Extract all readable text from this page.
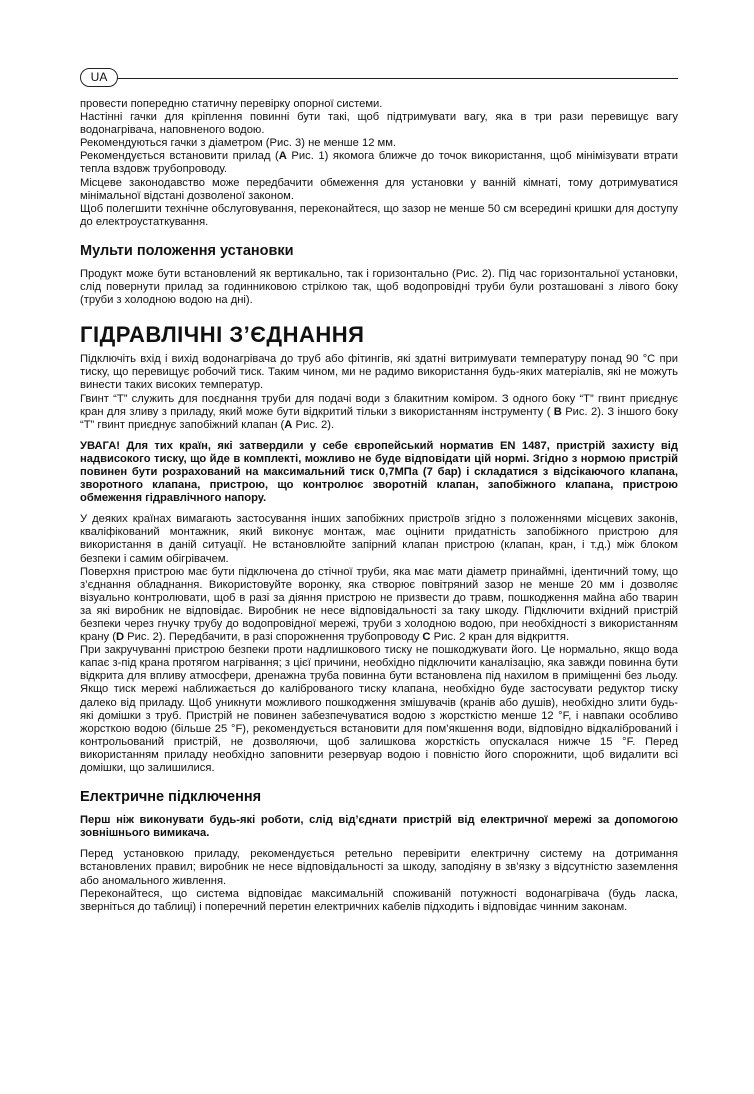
UA

провести попередню статичну перевірку опорної системи.

Настінні гачки для кріплення повинні бути такі, щоб підтримувати вагу, яка в три рази перевищує вагу водонагрівача, наповненого водою.

Рекомендуються гачки з діаметром (Рис. 3) не менше 12 мм.

Рекомендується встановити прилад (A Рис. 1) якомога ближче до точок використання, щоб мінімізувати втрати тепла вздовж трубопроводу.

Місцеве законодавство може передбачити обмеження для установки у ванній кімнаті, тому дотримуватися мінімальної відстані дозволеної законом.

Щоб полегшити технічне обслуговування, переконайтеся, що зазор не менше 50 см всередині кришки для доступу до електроустаткування.

Мульти положення установки

Продукт може бути встановлений як вертикально, так і горизонтально (Рис. 2). Під час горизонтальної установки, слід повернути прилад за годинниковою стрілкою так, щоб водопровідні труби були розташовані з лівого боку (труби з холодною водою на дні).

ГІДРАВЛІЧНІ З’ЄДНАННЯ

Підключіть вхід і вихід водонагрівача до труб або фітингів, які здатні витримувати температуру понад 90 °C при тиску, що перевищує робочий тиск. Таким чином, ми не радимо використання будь-яких матеріалів, які не можуть винести таких високих температур.

Гвинт “T” служить для поєднання труби для подачі води з блакитним коміром. З одного боку “T” гвинт приєднує кран для зливу з приладу, який може бути відкритий тільки з використанням інструменту ( B Рис. 2). З іншого боку “T” гвинт приєднує запобіжний клапан (A Рис. 2).

УВАГА! Для тих країн, які затвердили у себе європейський норматив EN 1487, пристрій захисту від надвисокого тиску, що йде в комплекті, можливо не буде відповідати цій нормі. Згідно з нормою пристрій повинен бути розрахований на максимальний тиск 0,7МПа (7 бар) і складатися з відсікаючого клапана, зворотного клапана, пристрою, що контролює зворотній клапан, запобіжного клапана, пристрою обмеження гідравлічного напору.

У деяких країнах вимагають застосування інших запобіжних пристроїв згідно з положеннями місцевих законів, кваліфікований монтажник, який виконує монтаж, має оцінити придатність запобіжного пристрою для використання в даній ситуації. Не встановлюйте запірний клапан пристрою (клапан, кран, і т.д.) між блоком безпеки і самим обігрівачем.

Поверхня пристрою має бути підключена до стічної труби, яка має мати діаметр принаймні, ідентичний тому, що з’єднання обладнання. Використовуйте воронку, яка створює повітряний зазор не менше 20 мм і дозволяє візуально контролювати, щоб в разі за діяння пристрою не призвести до травм, пошкодження майна або тварин за які виробник не відповідає. Виробник не несе відповідальності за таку шкоду. Підключити вхідний пристрій безпеки через гнучку трубу до водопровідної мережі, труби з холодною водою, при необхідності з використанням крану (D Рис. 2). Передбачити, в разі спорожнення трубопроводу C Рис. 2 кран для відкриття.

При закручуванні пристрою безпеки проти надлишкового тиску не пошкоджувати його. Це нормально, якщо вода капає з-під крана протягом нагрівання; з цієї причини, необхідно підключити каналізацію, яка завжди повинна бути відкрита для впливу атмосфери, дренажна труба повинна бути встановлена під нахилом в приміщенні без льоду. Якщо тиск мережі наближається до каліброваного тиску клапана, необхідно буде застосувати редуктор тиску далеко від приладу. Щоб уникнути можливого пошкодження змішувачів (кранів або душів), необхідно злити будь-які домішки з труб. Пристрій не повинен забезпечуватися водою з жорсткістю менше 12 °F, і навпаки особливо жорсткою водою (більше 25 °F), рекомендується встановити для пом’якшення води, відповідно відкалібрований і контрольований пристрій, не дозволяючи, щоб залишкова жорсткість опускалася нижче 15 °F. Перед використанням приладу необхідно заповнити резервуар водою і повністю його спорожнити, щоб видалити всі домішки, що залишилися.

Електричне підключення

Перш ніж виконувати будь-які роботи, слід від’єднати пристрій від електричної мережі за допомогою зовнішнього вимикача.

Перед установкою приладу, рекомендується ретельно перевірити електричну систему на дотримання встановлених правил; виробник не несе відповідальності за шкоду, заподіяну в зв’язку з відсутністю заземлення або аномального живлення.

Переконайтеся, що система відповідає максимальній споживаній потужності водонагрівача (будь ласка, зверніться до таблиці) і поперечний перетин електричних кабелів підходить і відповідає чинним законам.
